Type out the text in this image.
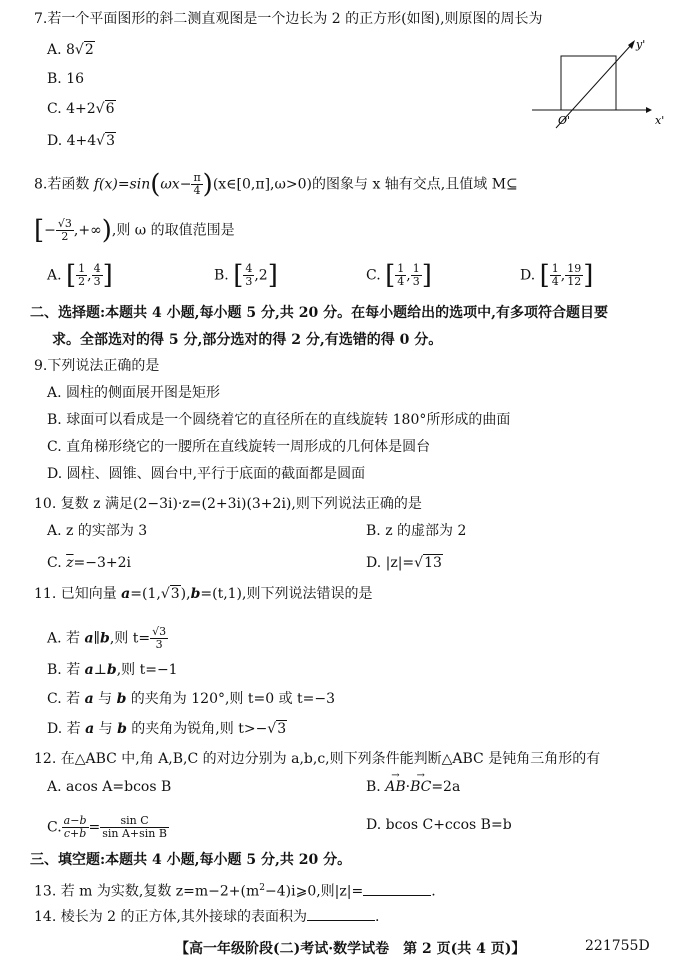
7.若一个平面图形的斜二测直观图是一个边长为 2 的正方形(如图),则原图的周长为
A. 8√2
B. 16
C. 4+2√6
D. 4+4√3
y'
x'
O'
8.若函数 $f(x)=\sin(\omega x- \frac{\pi}{4}$ )(x∈[0,π],ω>0)的图象与 x 轴有交点,且值域 M⊆
[− $\frac{√3}{2}$ ,+∞),则 ω 的取值范围是
A. [ $\frac{1}{2}$ , $\frac{4}{3}$ ]	B. [ $\frac{4}{3} ,2$]	C. [ $\frac{1}{4}$ , $\frac{1}{3}$ ]	D. [ $\frac{1}{4}$ , $\frac{19}{12}$ ]
二、选择题:本题共 4 小题,每小题 5 分,共 20 分。在每小题给出的选项中,有多项符合题目要
求。全部选对的得 5 分,部分选对的得 2 分,有选错的得 0 分。
9.下列说法正确的是
A. 圆柱的侧面展开图是矩形
B. 球面可以看成是一个圆绕着它的直径所在的直线旋转 180°所形成的曲面
C. 直角梯形绕它的一腰所在直线旋转一周形成的几何体是圆台
D. 圆柱、圆锥、圆台中,平行于底面的截面都是圆面
10. 复数 z 满足(2−3i)·z=(2+3i)(3+2i),则下列说法正确的是
A. z 的实部为 3	B. z 的虚部为 2
C. $\overline{z}=-3+2i$	D. |z|=√13
11. 已知向量 a=(1,√3),b=(t,1),则下列说法错误的是
A. 若 a∥b,则 $t= \frac{√3}{3}$
B. 若 a⊥b,则 t=−1
C. 若 a 与 b 的夹角为 120°,则 t=0 或 t=−3
D. 若 a 与 b 的夹角为锐角,则 t>−√3
12. 在△ABC 中,角 A,B,C 的对边分别为 a,b,c,则下列条件能判断△ABC 是钝角三角形的有
A. acos A=bcos B	B. → AB·→ BC=2a
C. $\frac{a-b}{c+b} = \frac{\text{sin C}}{\text{sin A+sin B}}$	D. bcos C+ccos B=b
三、填空题:本题共 4 小题,每小题 5 分,共 20 分。
13. 若 m 为实数,复数 $z=m-2+(m^2-4)i⩾0$,则|z|=	.
14. 棱长为 2 的正方体,其外接球的表面积为	.
【高一年级阶段(二)考试·数学试卷　第 2 页(共 4 页)】	221755D
